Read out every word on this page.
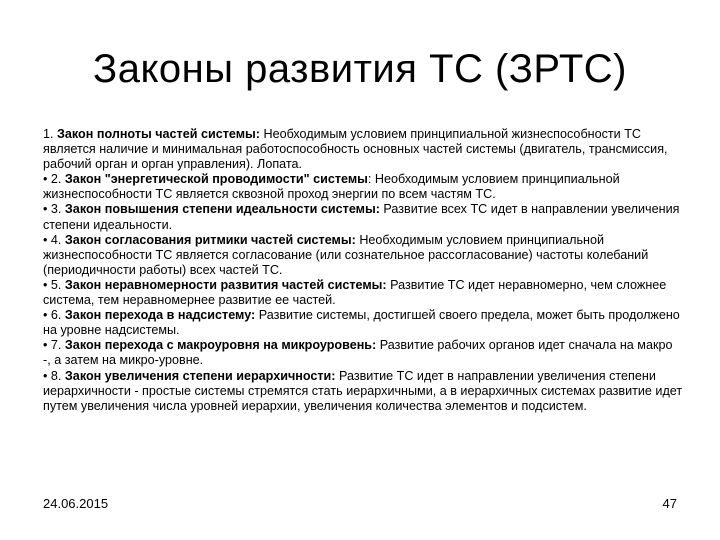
Законы развития ТС (ЗРТС)

1. Закон полноты частей системы: Необходимым условием принципиальной жизнеспособности ТС является наличие и минимальная работоспособность основных частей системы (двигатель, трансмиссия, рабочий орган и орган управления). Лопата.

• 2. Закон "энергетической проводимости" системы: Необходимым условием принципиальной жизнеспособности ТС является сквозной проход энергии по всем частям ТС.

• 3. Закон повышения степени идеальности системы: Развитие всех ТС идет в направлении увеличения степени идеальности.

• 4. Закон согласования ритмики частей системы: Необходимым условием принципиальной жизнеспособности ТС является согласование (или сознательное рассогласование) частоты колебаний (периодичности работы) всех частей ТС.

• 5. Закон неравномерности развития частей системы: Развитие ТС идет неравномерно, чем сложнее система, тем неравномернее развитие ее частей.

• 6. Закон перехода в надсистему: Развитие системы, достигшей своего предела, может быть продолжено на уровне надсистемы.

• 7. Закон перехода с макроуровня на микроуровень: Развитие рабочих органов идет сначала на макро -, а затем на микро-уровне.

• 8. Закон увеличения степени иерархичности: Развитие ТС идет в направлении увеличения степени иерархичности - простые системы стремятся стать иерархичными, а в иерархичных системах развитие идет путем увеличения числа уровней иерархии, увеличения количества элементов и подсистем.

24.06.2015	47
